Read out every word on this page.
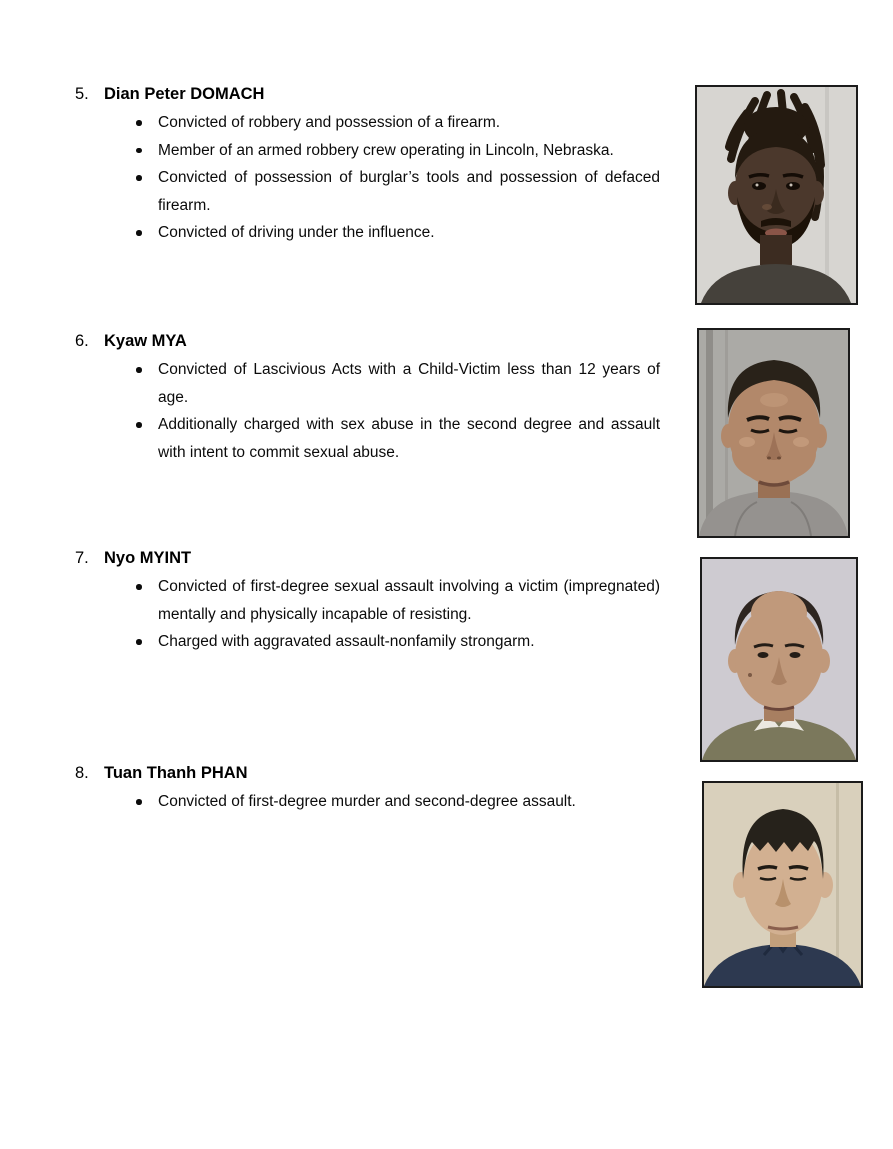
5. Dian Peter DOMACH
Convicted of robbery and possession of a firearm.
Member of an armed robbery crew operating in Lincoln, Nebraska.
Convicted of possession of burglar’s tools and possession of defaced firearm.
Convicted of driving under the influence.
6. Kyaw MYA
Convicted of Lascivious Acts with a Child-Victim less than 12 years of age.
Additionally charged with sex abuse in the second degree and assault with intent to commit sexual abuse.
7. Nyo MYINT
Convicted of first-degree sexual assault involving a victim (impregnated) mentally and physically incapable of resisting.
Charged with aggravated assault-nonfamily strongarm.
8. Tuan Thanh PHAN
Convicted of first-degree murder and second-degree assault.
